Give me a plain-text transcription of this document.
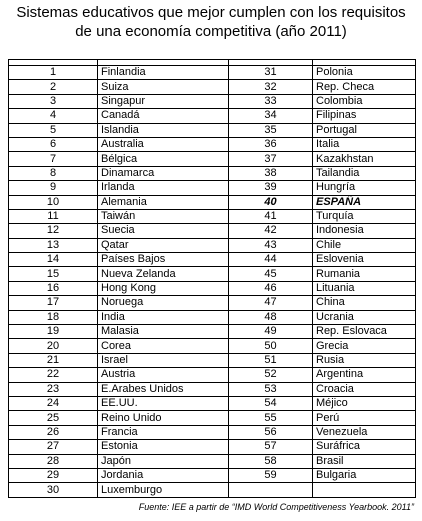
Sistemas educativos que mejor cumplen con los requisitos
de una economía competitiva (año 2011)

1	Finlandia	31	Polonia
2	Suiza	32	Rep. Checa
3	Singapur	33	Colombia
4	Canadá	34	Filipinas
5	Islandia	35	Portugal
6	Australia	36	Italia
7	Bélgica	37	Kazakhstan
8	Dinamarca	38	Tailandia
9	Irlanda	39	Hungría
10	Alemania	40	ESPAÑA
11	Taiwán	41	Turquía
12	Suecia	42	Indonesia
13	Qatar	43	Chile
14	Países Bajos	44	Eslovenia
15	Nueva Zelanda	45	Rumania
16	Hong Kong	46	Lituania
17	Noruega	47	China
18	India	48	Ucrania
19	Malasia	49	Rep. Eslovaca
20	Corea	50	Grecia
21	Israel	51	Rusia
22	Austria	52	Argentina
23	E.Arabes Unidos	53	Croacia
24	EE.UU.	54	Méjico
25	Reino Unido	55	Perú
26	Francia	56	Venezuela
27	Estonia	57	Suráfrica
28	Japón	58	Brasil
29	Jordania	59	Bulgaria
30	Luxemburgo		
Fuente: IEE a partir de “IMD World Competitiveness Yearbook. 2011”
